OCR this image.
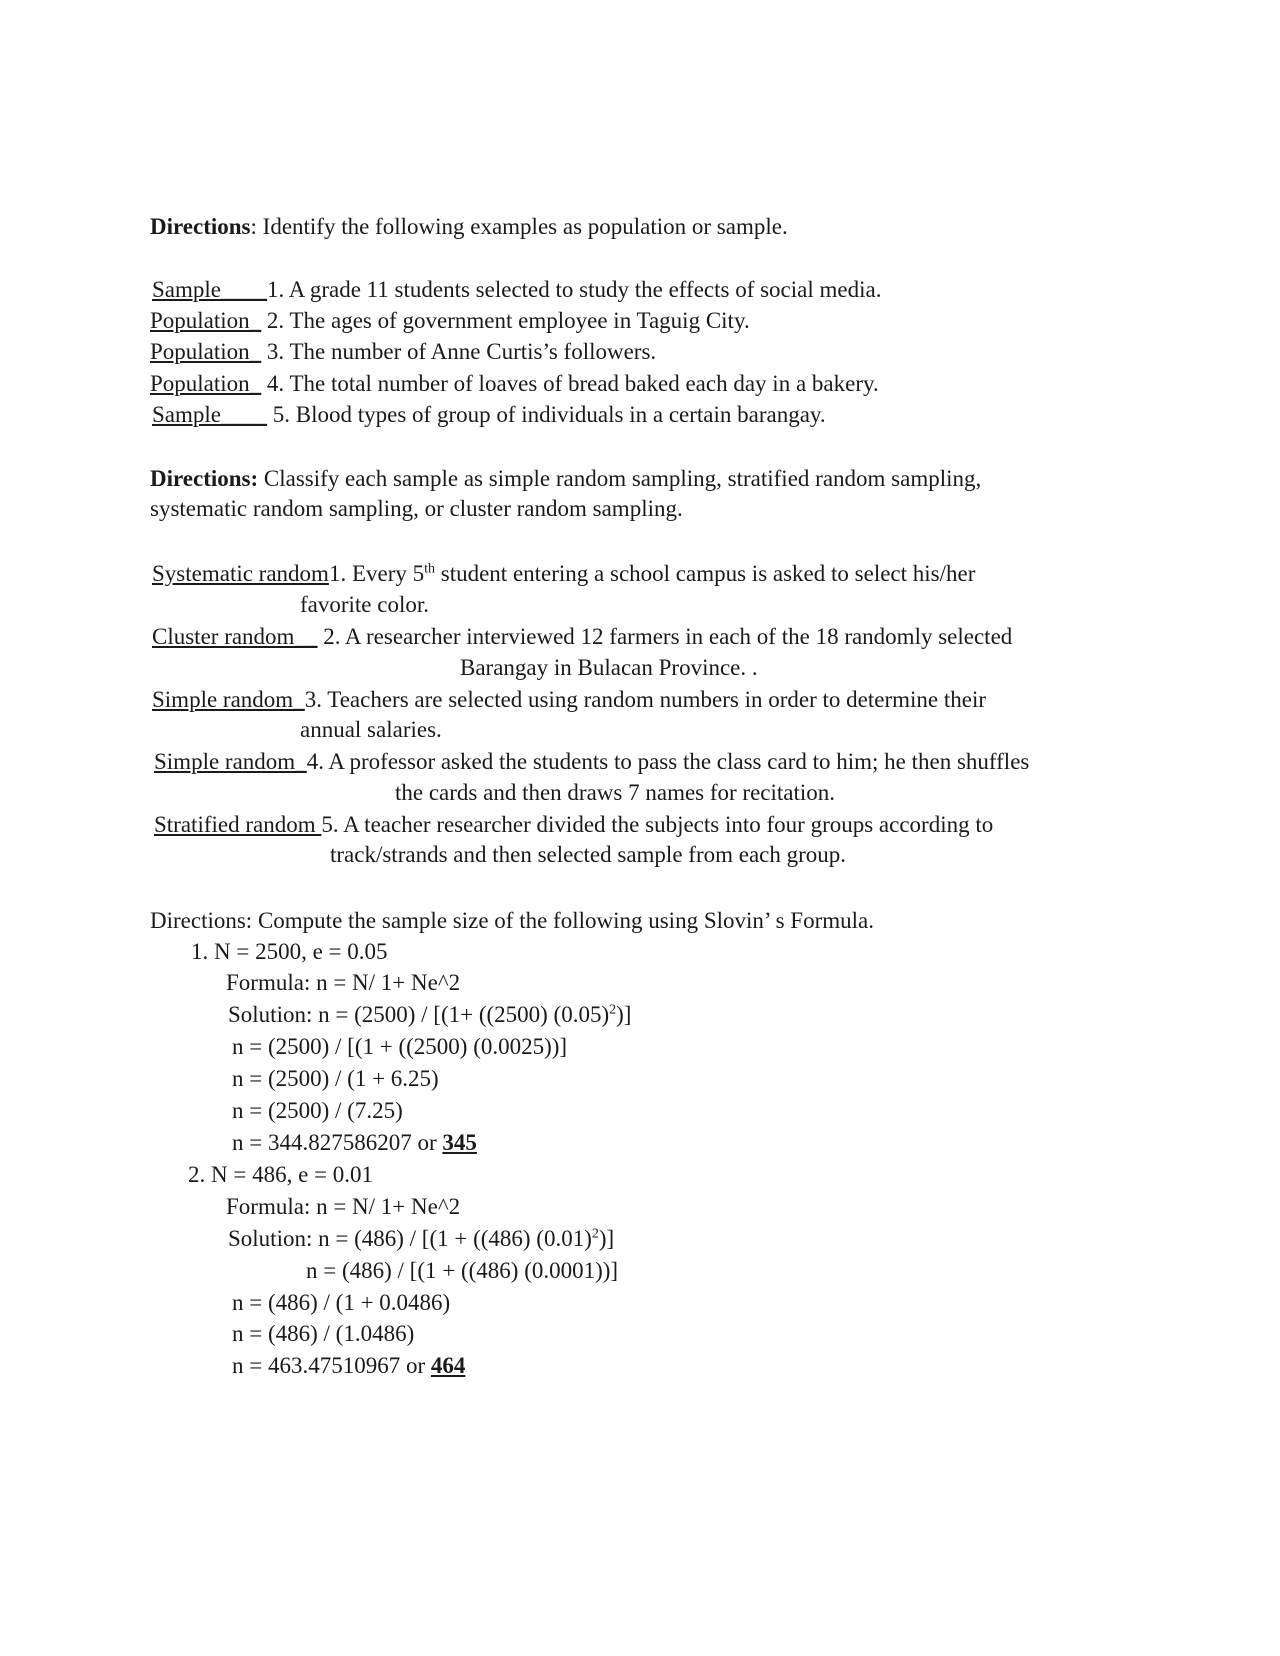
Directions: Identify the following examples as population or sample.
Sample____1. A grade 11 students selected to study the effects of social media.
Population_ 2. The ages of government employee in Taguig City.
Population_ 3. The number of Anne Curtis’s followers.
Population_ 4. The total number of loaves of bread baked each day in a bakery.
Sample____ 5. Blood types of group of individuals in a certain barangay.
Directions: Classify each sample as simple random sampling, stratified random sampling,
systematic random sampling, or cluster random sampling.
Systematic random1. Every 5th student entering a school campus is asked to select his/her
favorite color.
Cluster random__ 2. A researcher interviewed 12 farmers in each of the 18 randomly selected
Barangay in Bulacan Province. .
Simple random_3. Teachers are selected using random numbers in order to determine their
annual salaries.
Simple random_4. A professor asked the students to pass the class card to him; he then shuffles
the cards and then draws 7 names for recitation.
Stratified random 5. A teacher researcher divided the subjects into four groups according to
track/strands and then selected sample from each group.
Directions: Compute the sample size of the following using Slovin’ s Formula.
1. N = 2500, e = 0.05
Formula: n = N/ 1+ Ne^2
Solution: n = (2500) / [(1+ ((2500) $(0.05)^2$)]
n = (2500) / [(1 + ((2500) (0.0025))]
n = (2500) / (1 + 6.25)
n = (2500) / (7.25)
n = 344.827586207 or 345
2. N = 486, e = 0.01
Formula: n = N/ 1+ Ne^2
Solution: n = (486) / [(1 + ((486) $(0.01)^2$)]
n = (486) / [(1 + ((486) (0.0001))]
n = (486) / (1 + 0.0486)
n = (486) / (1.0486)
n = 463.47510967 or 464
